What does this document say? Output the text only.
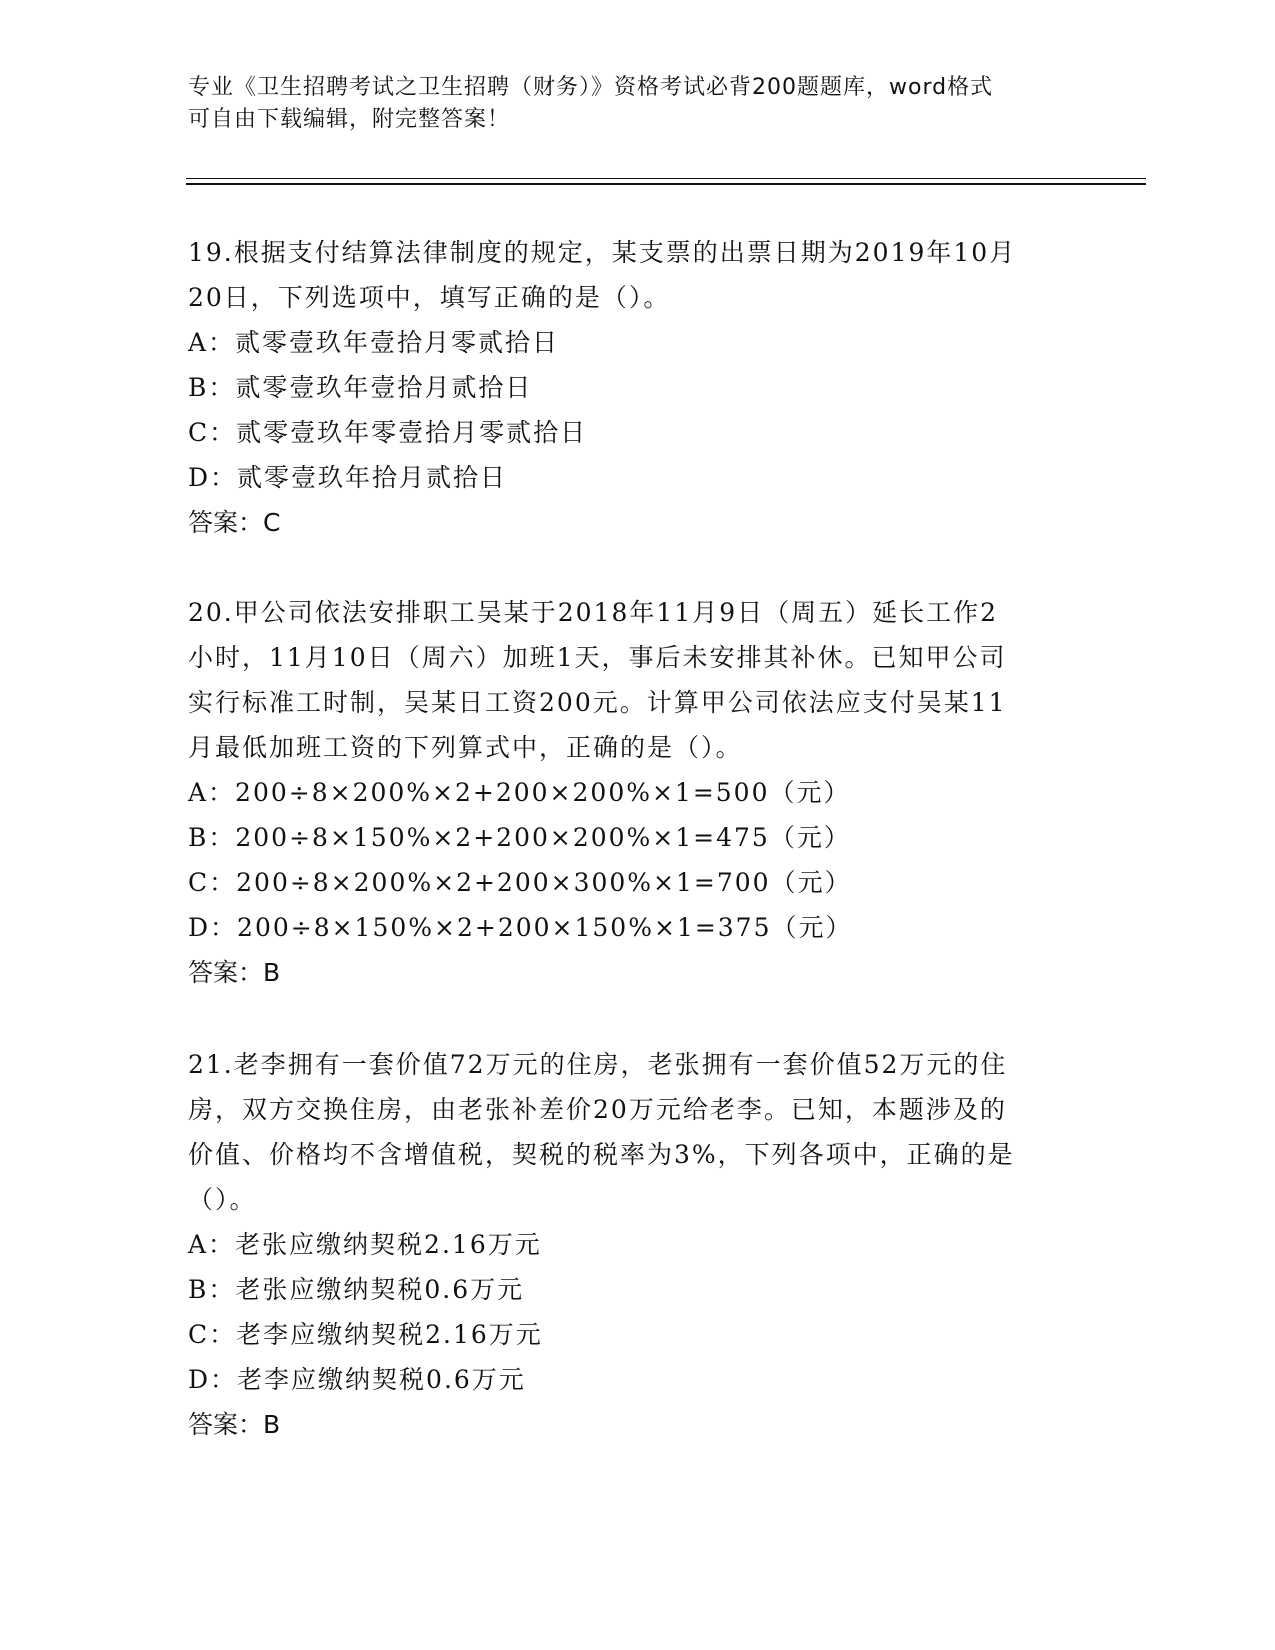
专业《卫生招聘考试之卫生招聘（财务）》资格考试必背200题题库，word格式
可自由下载编辑，附完整答案！

19.根据支付结算法律制度的规定，某支票的出票日期为2019年10月

20日，下列选项中，填写正确的是（）。

A：贰零壹玖年壹拾月零贰拾日

B：贰零壹玖年壹拾月贰拾日

C：贰零壹玖年零壹拾月零贰拾日

D：贰零壹玖年拾月贰拾日

答案：C

20.甲公司依法安排职工吴某于2018年11月9日（周五）延长工作2

小时，11月10日（周六）加班1天，事后未安排其补休。已知甲公司

实行标准工时制，吴某日工资200元。计算甲公司依法应支付吴某11

月最低加班工资的下列算式中，正确的是（）。

A：200÷8×200%×2+200×200%×1=500（元）

B：200÷8×150%×2+200×200%×1=475（元）

C：200÷8×200%×2+200×300%×1=700（元）

D：200÷8×150%×2+200×150%×1=375（元）

答案：B

21.老李拥有一套价值72万元的住房，老张拥有一套价值52万元的住

房，双方交换住房，由老张补差价20万元给老李。已知，本题涉及的

价值、价格均不含增值税，契税的税率为3%，下列各项中，正确的是

（）。

A：老张应缴纳契税2.16万元

B：老张应缴纳契税0.6万元

C：老李应缴纳契税2.16万元

D：老李应缴纳契税0.6万元

答案：B
